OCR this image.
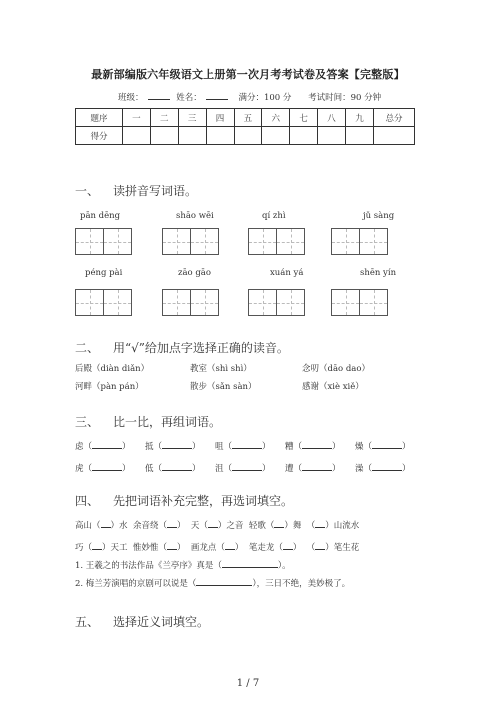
最新部编版六年级语文上册第一次月考考试卷及答案【完整版】
班级：	姓名：	满分：100 分 考试时间：90 分钟
题序	一	二	三	四	五	六	七	八	九	总分
得分										
一、 读拼音写词语。
pān dēng	shāo wēi	qí zhì	jǔ sàng
péng pài	zāo gāo	xuán yá	shēn yín
二、 用“√”给加点字选择正确的读音。
后殿（diàn diǎn）	教室（shì shì）	念叨（dāo dao）
河畔（pàn pán）	散步（sǎn sàn）	感谢（xiè xiě）
三、 比一比，再组词语。
虑（	） 抵（	） 咀（	） 糟（	） 燥（	）
虎（	） 低（	） 沮（	） 遭（	） 澡（	）
四、 先把词语补充完整，再选词填空。
高山（ ）水 余音绕（ ） 天（ ）之音 轻歌（ ）舞 （ ）山流水
巧（ ）天工 惟妙惟（ ） 画龙点（ ） 笔走龙（ ） （ ）笔生花
1. 王羲之的书法作品《兰亭序》真是（	）。
2. 梅兰芳演唱的京剧可以说是（	），三日不绝，美妙极了。
五、 选择近义词填空。
1 / 7
